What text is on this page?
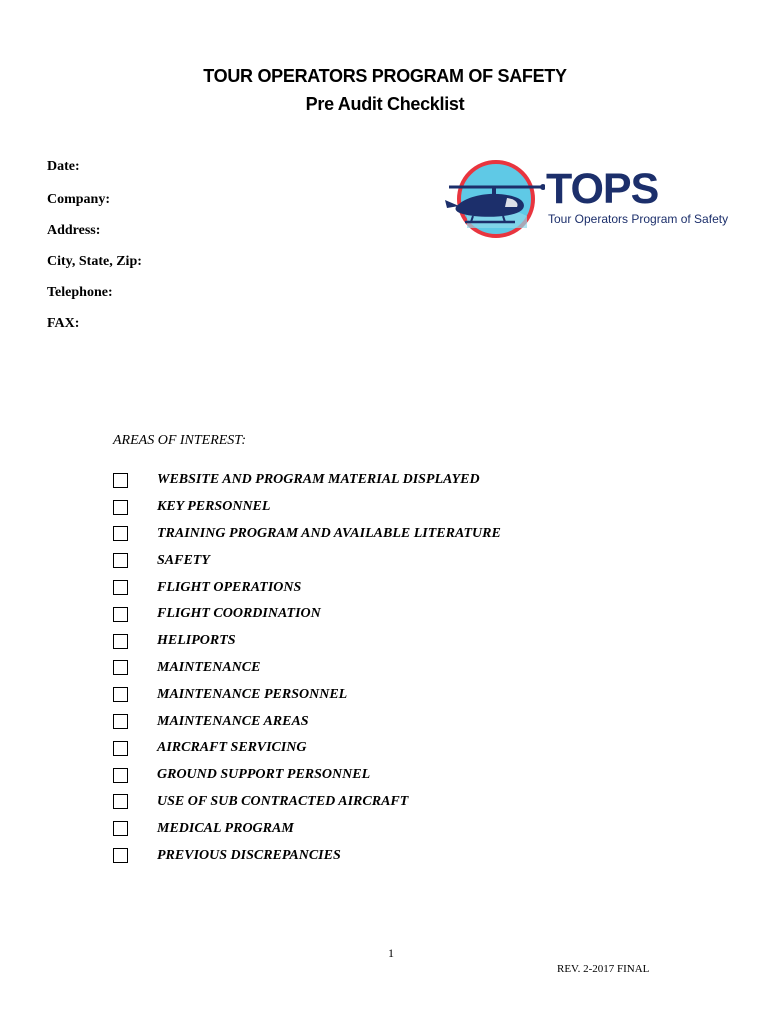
TOUR OPERATORS PROGRAM OF SAFETY
Pre Audit Checklist
Date:
Company:
Address:
City, State, Zip:
Telephone:
FAX:
TOPS
Tour Operators Program of Safety
AREAS OF INTEREST:
WEBSITE AND PROGRAM MATERIAL DISPLAYED
KEY PERSONNEL
TRAINING PROGRAM AND AVAILABLE LITERATURE
SAFETY
FLIGHT OPERATIONS
FLIGHT COORDINATION
HELIPORTS
MAINTENANCE
MAINTENANCE PERSONNEL
MAINTENANCE AREAS
AIRCRAFT SERVICING
GROUND SUPPORT PERSONNEL
USE OF SUB CONTRACTED AIRCRAFT
MEDICAL PROGRAM
PREVIOUS DISCREPANCIES
1
REV. 2-2017 FINAL
